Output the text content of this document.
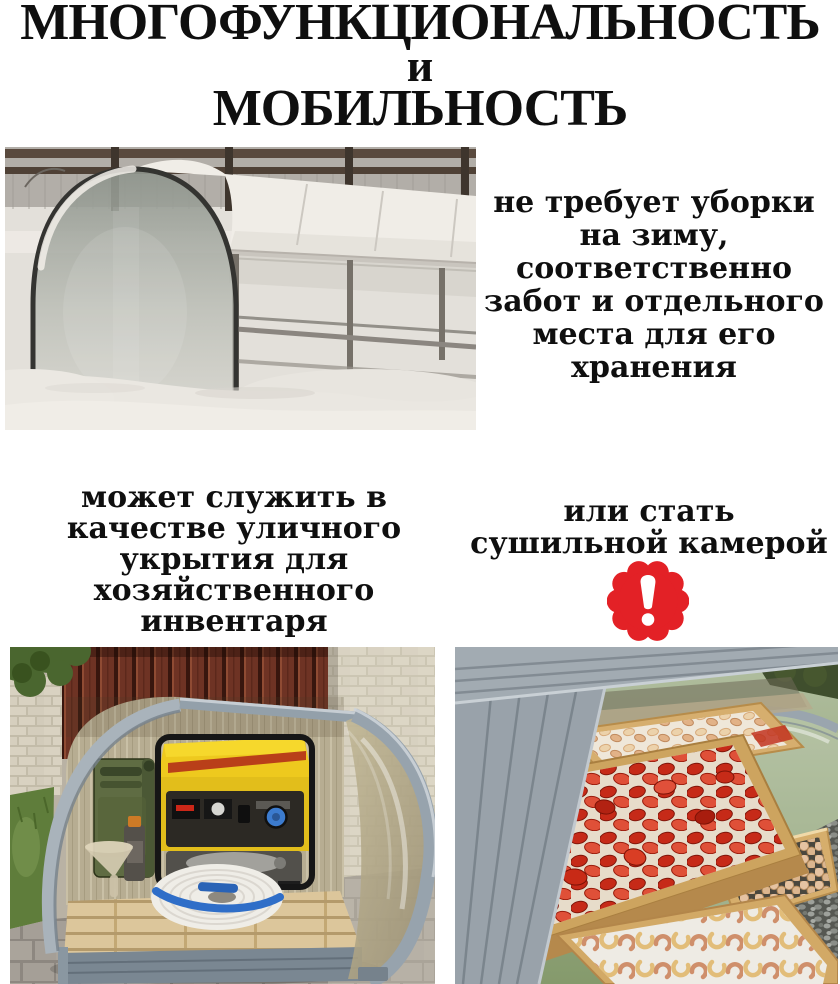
МНОГОФУНКЦИОНАЛЬНОСТЬ
и
МОБИЛЬНОСТЬ
не требует уборки
на зиму,
соответственно
забот и отдельного
места для его
хранения
может служить в
качестве уличного
укрытия для
хозяйственного
инвентаря
или стать
сушильной камерой
